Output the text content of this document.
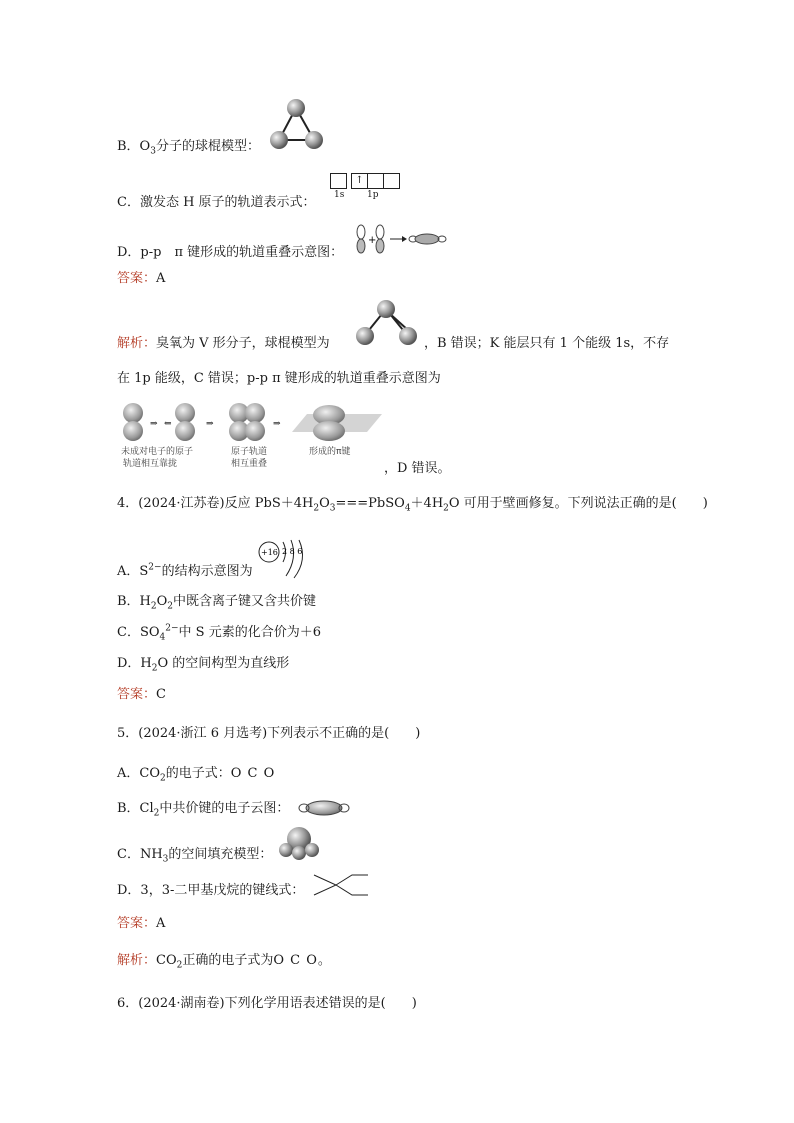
B．$O_3$分子的球棍模型：
C．激发态 H 原子的轨道表示式：
↑
1s	1p
D．p-p　π 键形成的轨道重叠示意图：
+
答案：A
解析：臭氧为 V 形分子，球棍模型为	，B 错误；K 能层只有 1 个能级 1s，不存
在 1p 能级，C 错误；p-p π 键形成的轨道重叠示意图为
⇒ ⇐	⇒	⇒
未成对电子的原子
轨道相互靠拢
原子轨道
相互重叠
形成的π键
，D 错误。
4．(2024·江苏卷)反应 $PbS+4H_2O_3===PbSO_4+4H_2O$ 可用于壁画修复。下列说法正确的是(　　)
A．$S^{2-}$的结构示意图为
+16 2 8 6
B．$H_2O_2$中既含离子键又含共价键
C．$SO_4^{2-}$中 S 元素的化合价为＋6
D．$H_2O$ 的空间构型为直线形
答案：C
5．(2024·浙江 6 月选考)下列表示不正确的是(　　)
A．$CO_2$的电子式：O C O
B．$Cl_2$中共价键的电子云图：
C．$NH_3$的空间填充模型：
D．3，3-二甲基戊烷的键线式：
答案：A
解析：$CO_2$正确的电子式为O C O。
6．(2024·湖南卷)下列化学用语表述错误的是(　　)
